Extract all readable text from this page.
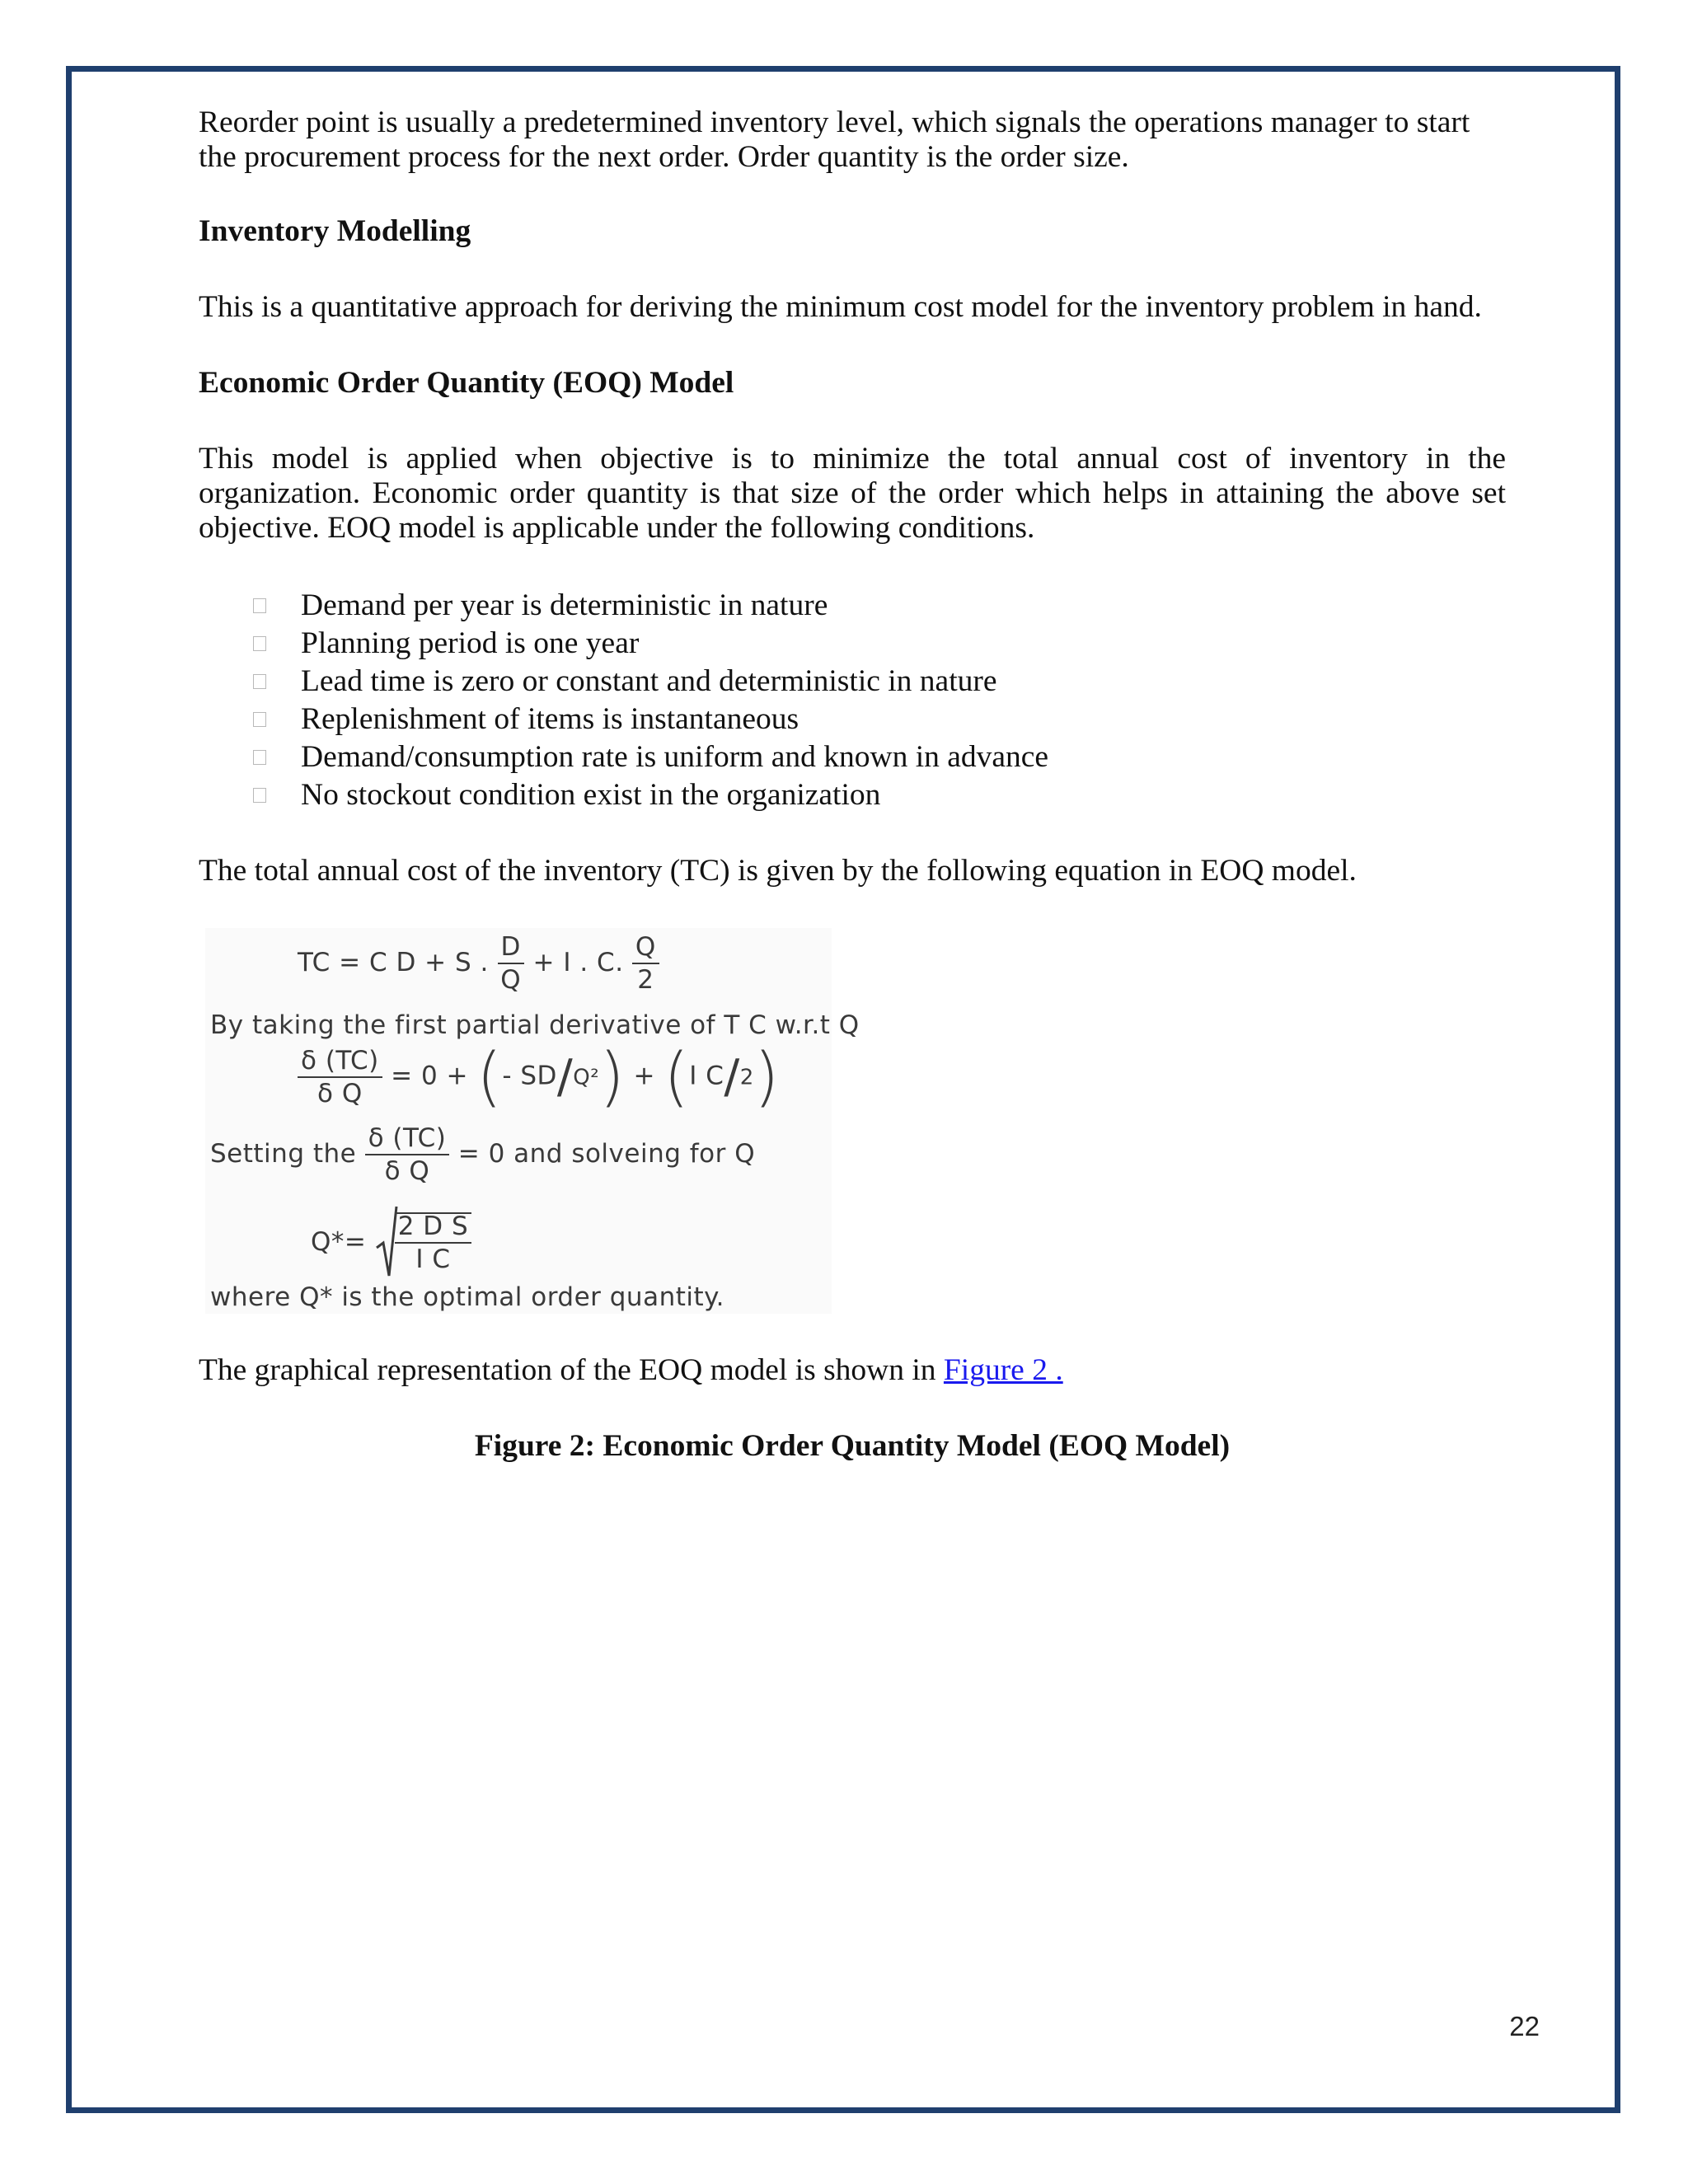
Reorder point is usually a predetermined inventory level, which signals the operations manager to start the procurement process for the next order. Order quantity is the order size.

Inventory Modelling

This is a quantitative approach for deriving the minimum cost model for the inventory problem in hand.

Economic Order Quantity (EOQ) Model

This model is applied when objective is to minimize the total annual cost of inventory in the organization. Economic order quantity is that size of the order which helps in attaining the above set objective. EOQ model is applicable under the following conditions.

Demand per year is deterministic in nature
Planning period is one year
Lead time is zero or constant and deterministic in nature
Replenishment of items is instantaneous
Demand/consumption rate is uniform and known in advance
No stockout condition exist in the organization

The total annual cost of the inventory (TC) is given by the following equation in EOQ model.

TC = C D + S . $\frac{D}{Q} + I$ . C. $\frac{Q}{2}$
By taking the first partial derivative of T C w.r.t Q
$\frac{\delta (TC)}{\text{δ Q}} = 0$ + (- SD/Q²) + (I C/2)
Setting the $\frac{\delta (TC)}{\text{δ Q}} = 0$ and solveing for Q
$Q*= \frac{\text{2 D S}}{\text{I C}}$
where Q* is the optimal order quantity.

The graphical representation of the EOQ model is shown in Figure 2 .

Figure 2: Economic Order Quantity Model (EOQ Model)

22
